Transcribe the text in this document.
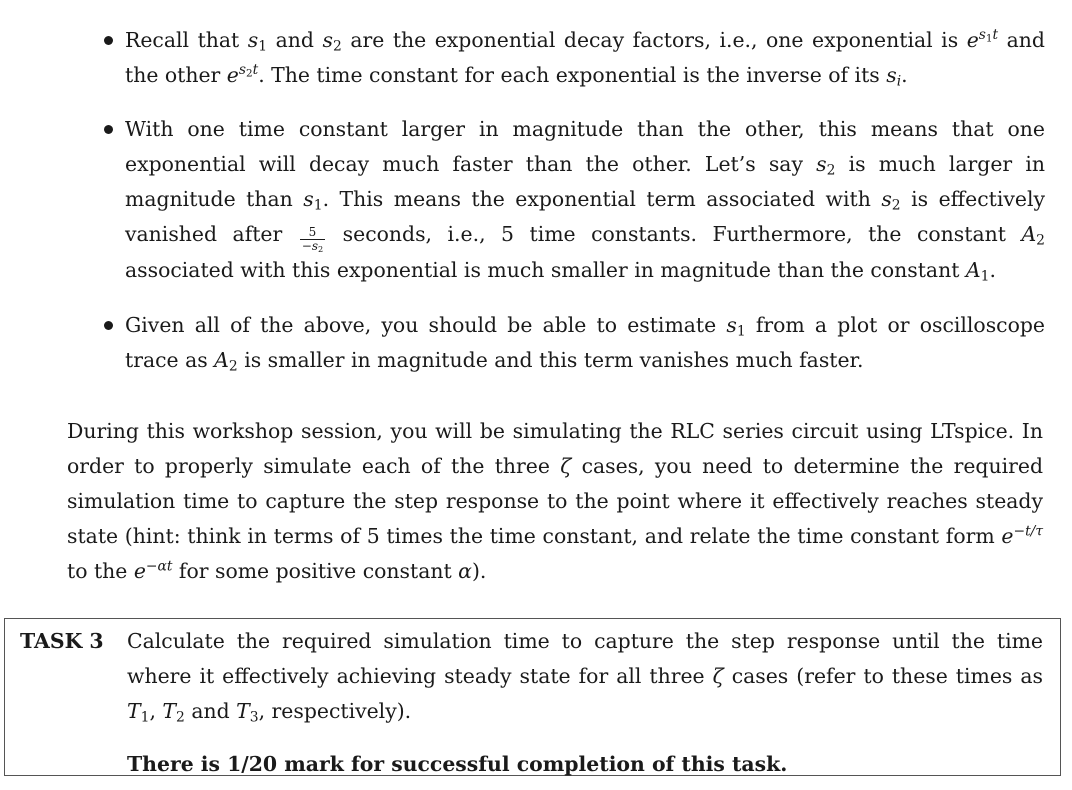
Recall that $s_1$ and $s_2$ are the exponential decay factors, i.e., one exponential is $e^{s_1t}$ and the other $e^{s_2t}$. The time constant for each exponential is the inverse of its $s_i$.
With one time constant larger in magnitude than the other, this means that one exponential will decay much faster than the other. Let’s say $s_2$ is much larger in magnitude than $s_1$. This means the exponential term associated with $s_2$ is effectively vanished after $\frac{5}{-s_2}$ seconds, i.e., 5 time constants. Furthermore, the constant $A_2$ associated with this exponential is much smaller in magnitude than the constant $A_1$.
Given all of the above, you should be able to estimate $s_1$ from a plot or oscilloscope trace as $A_2$ is smaller in magnitude and this term vanishes much faster.
During this workshop session, you will be simulating the RLC series circuit using LTspice. In order to properly simulate each of the three ζ cases, you need to determine the required simulation time to capture the step response to the point where it effectively reaches steady state (hint: think in terms of 5 times the time constant, and relate the time constant form $e^{-t/\tau}$ to the $e^{-\alpha t}$ for some positive constant α).
TASK 3 Calculate the required simulation time to capture the step response until the time where it effectively achieving steady state for all three ζ cases (refer to these times as $T_1$, $T_2$ and $T_3$, respectively).
There is 1/20 mark for successful completion of this task.
